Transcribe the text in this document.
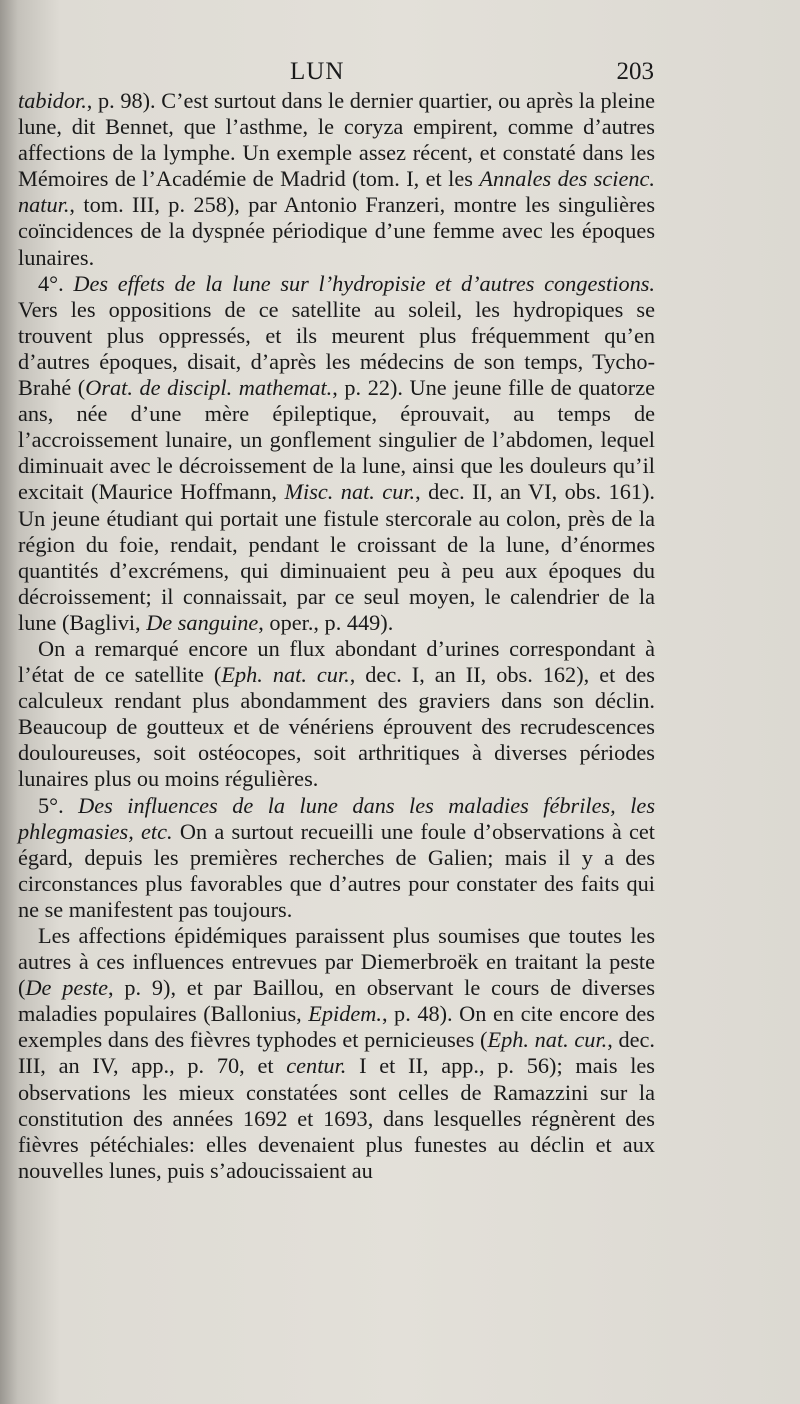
LUN	203

tabidor., p. 98). C’est surtout dans le dernier quartier, ou après la pleine lune, dit Bennet, que l’asthme, le coryza empirent, comme d’autres affections de la lymphe. Un exemple assez récent, et constaté dans les Mémoires de l’Académie de Madrid (tom. I, et les Annales des scienc. natur., tom. III, p. 258), par Antonio Franzeri, montre les singulières coïncidences de la dyspnée périodique d’une femme avec les époques lunaires.

4°. Des effets de la lune sur l’hydropisie et d’autres congestions. Vers les oppositions de ce satellite au soleil, les hydropiques se trouvent plus oppressés, et ils meurent plus fréquemment qu’en d’autres époques, disait, d’après les médecins de son temps, Tycho-Brahé (Orat. de discipl. mathemat., p. 22). Une jeune fille de quatorze ans, née d’une mère épileptique, éprouvait, au temps de l’accroissement lunaire, un gonflement singulier de l’abdomen, lequel diminuait avec le décroissement de la lune, ainsi que les douleurs qu’il excitait (Maurice Hoffmann, Misc. nat. cur., dec. II, an VI, obs. 161). Un jeune étudiant qui portait une fistule stercorale au colon, près de la région du foie, rendait, pendant le croissant de la lune, d’énormes quantités d’excrémens, qui diminuaient peu à peu aux époques du décroissement; il connaissait, par ce seul moyen, le calendrier de la lune (Baglivi, De sanguine, oper., p. 449).

On a remarqué encore un flux abondant d’urines correspondant à l’état de ce satellite (Eph. nat. cur., dec. I, an II, obs. 162), et des calculeux rendant plus abondamment des graviers dans son déclin. Beaucoup de goutteux et de vénériens éprouvent des recrudescences douloureuses, soit ostéocopes, soit arthritiques à diverses périodes lunaires plus ou moins régulières.

5°. Des influences de la lune dans les maladies fébriles, les phlegmasies, etc. On a surtout recueilli une foule d’observations à cet égard, depuis les premières recherches de Galien; mais il y a des circonstances plus favorables que d’autres pour constater des faits qui ne se manifestent pas toujours.

Les affections épidémiques paraissent plus soumises que toutes les autres à ces influences entrevues par Diemerbroëk en traitant la peste (De peste, p. 9), et par Baillou, en observant le cours de diverses maladies populaires (Ballonius, Epidem., p. 48). On en cite encore des exemples dans des fièvres typhodes et pernicieuses (Eph. nat. cur., dec. III, an IV, app., p. 70, et centur. I et II, app., p. 56); mais les observations les mieux constatées sont celles de Ramazzini sur la constitution des années 1692 et 1693, dans lesquelles régnèrent des fièvres pétéchiales: elles devenaient plus funestes au déclin et aux nouvelles lunes, puis s’adoucissaient au
